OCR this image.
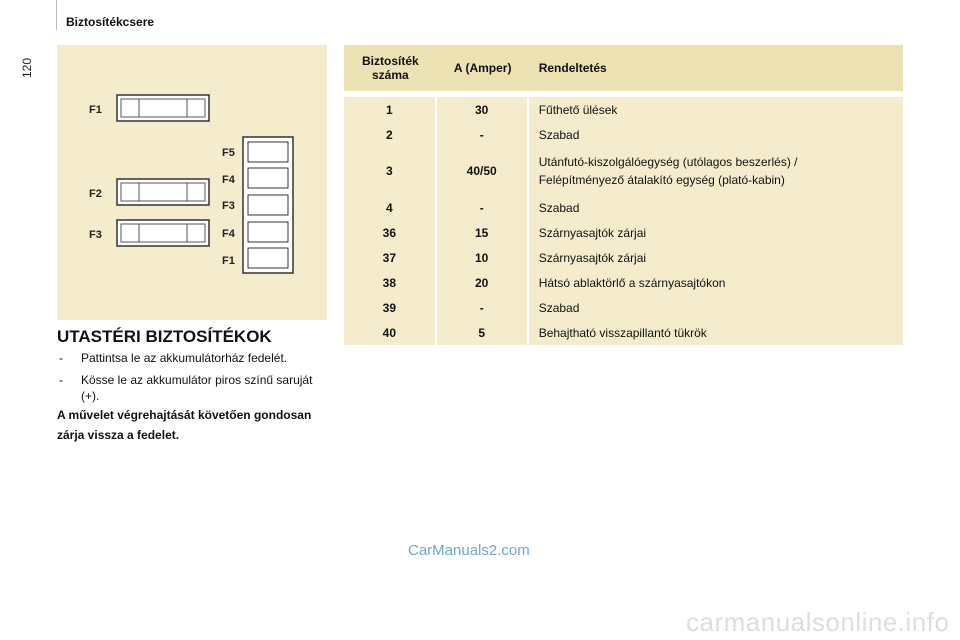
120
Biztosítékcsere
F1
F2
F3
F5
F4
F3
F4
F1
UTASTÉRI BIZTOSÍTÉKOK
- Pattintsa le az akkumulátorház fedelét.
- Kösse le az akkumulátor piros színű saruját (+).
A művelet végrehajtását követően gondosan zárja vissza a fedelet.
Biztosíték száma	A (Amper)	Rendeltetés

1	30	Fűthető ülések
2	-	Szabad
3	40/50	Utánfutó-kiszolgálóegység (utólagos beszerlés) / Felépítményező átalakító egység (plató-kabin)
4	-	Szabad
36	15	Szárnyasajtók zárjai
37	10	Szárnyasajtók zárjai
38	20	Hátsó ablaktörlő a szárnyasajtókon
39	-	Szabad
40	5	Behajtható visszapillantó tükrök
CarManuals2.com
carmanualsonline.info
